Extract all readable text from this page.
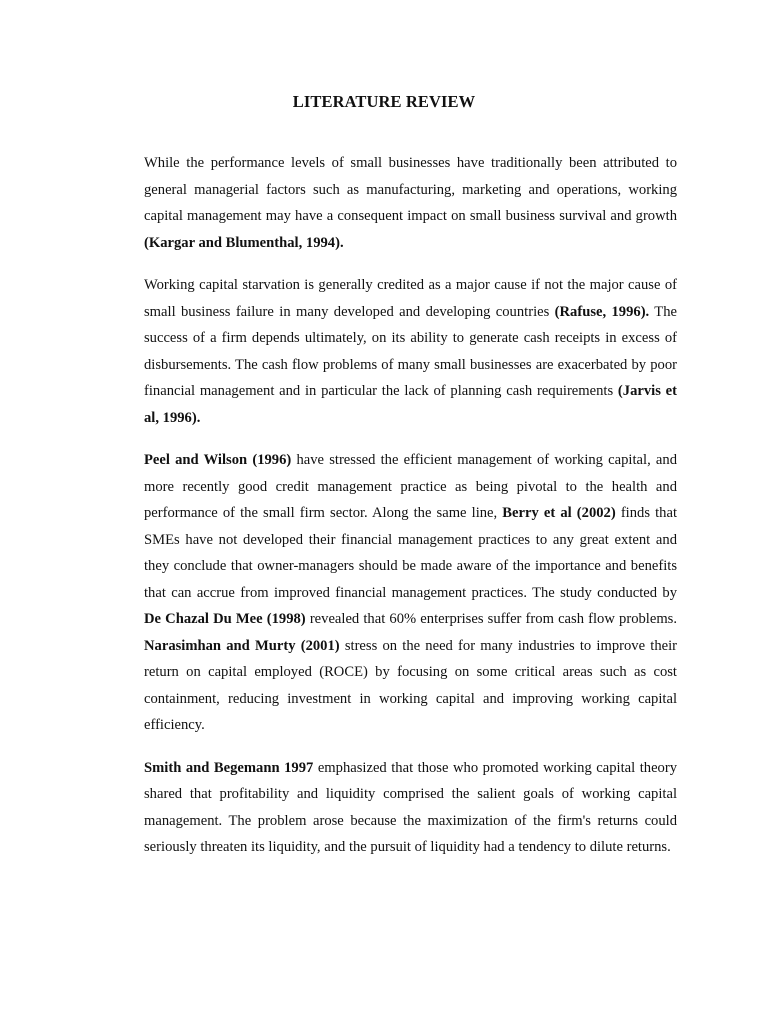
LITERATURE REVIEW

While the performance levels of small businesses have traditionally been attributed to general managerial factors such as manufacturing, marketing and operations, working capital management may have a consequent impact on small business survival and growth (Kargar and Blumenthal, 1994).

Working capital starvation is generally credited as a major cause if not the major cause of small business failure in many developed and developing countries (Rafuse, 1996). The success of a firm depends ultimately, on its ability to generate cash receipts in excess of disbursements. The cash flow problems of many small businesses are exacerbated by poor financial management and in particular the lack of planning cash requirements (Jarvis et al, 1996).

Peel and Wilson (1996) have stressed the efficient management of working capital, and more recently good credit management practice as being pivotal to the health and performance of the small firm sector. Along the same line, Berry et al (2002) finds that SMEs have not developed their financial management practices to any great extent and they conclude that owner-managers should be made aware of the importance and benefits that can accrue from improved financial management practices. The study conducted by De Chazal Du Mee (1998) revealed that 60% enterprises suffer from cash flow problems. Narasimhan and Murty (2001) stress on the need for many industries to improve their return on capital employed (ROCE) by focusing on some critical areas such as cost containment, reducing investment in working capital and improving working capital efficiency.

Smith and Begemann 1997 emphasized that those who promoted working capital theory shared that profitability and liquidity comprised the salient goals of working capital management. The problem arose because the maximization of the firm's returns could seriously threaten its liquidity, and the pursuit of liquidity had a tendency to dilute returns.
